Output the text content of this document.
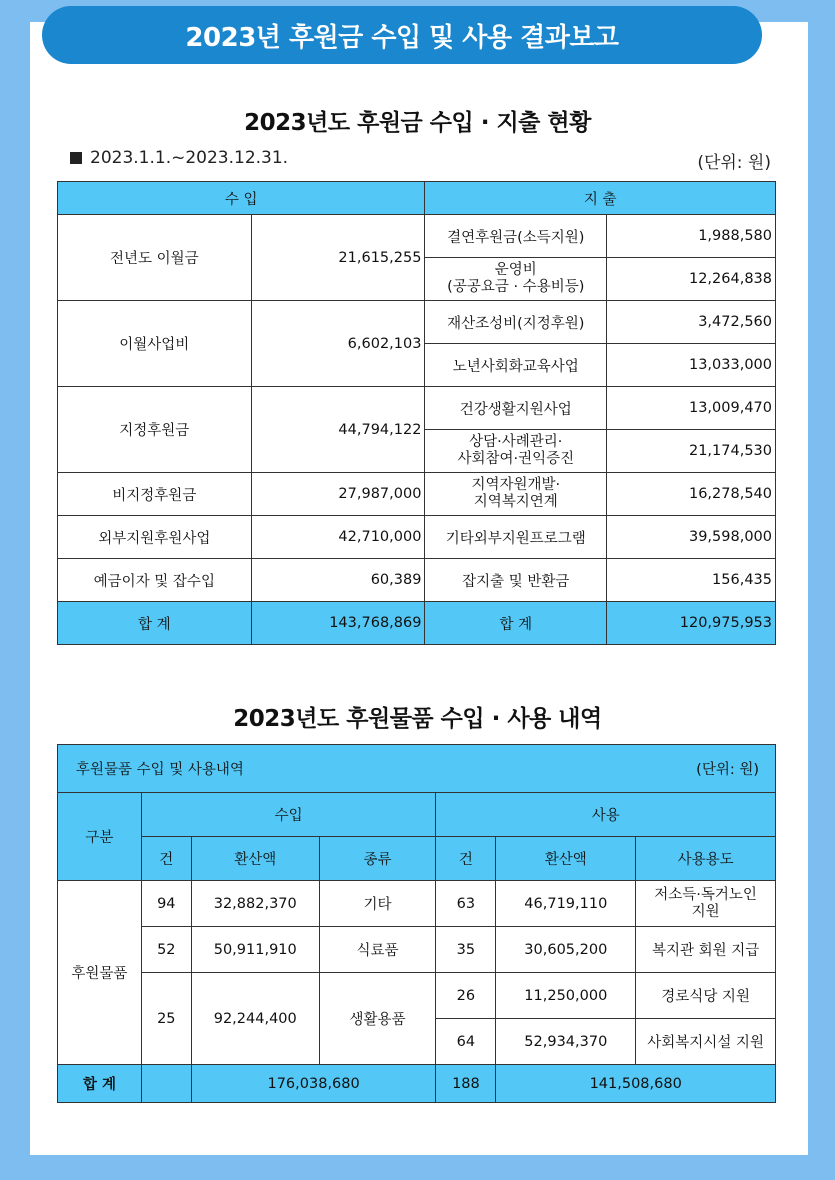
2023년 후원금 수입 및 사용 결과보고
2023년도 후원금 수입 · 지출 현황
2023.1.1.~2023.12.31.	(단위: 원)
수 입		지 출	
전년도 이월금	21,615,255	결연후원금(소득지원)	1,988,580
		운영비
(공공요금 · 수용비등)	12,264,838
이월사업비	6,602,103	재산조성비(지정후원)	3,472,560
		노년사회화교육사업	13,033,000
지정후원금	44,794,122	건강생활지원사업	13,009,470
		상담·사례관리·
사회참여·권익증진	21,174,530
비지정후원금	27,987,000	지역자원개발·
지역복지연계	16,278,540
외부지원후원사업	42,710,000	기타외부지원프로그램	39,598,000
예금이자 및 잡수입	60,389	잡지출 및 반환금	156,435
합 계	143,768,869	합 계	120,975,953
2023년도 후원물품 수입 · 사용 내역
후원물품 수입 및 사용내역 (단위: 원)						

구분	수입			사용		
	건	환산액	종류	건	환산액	사용용도
후원물품	94	32,882,370	기타	63	46,719,110	저소득·독거노인
지원
	52	50,911,910	식료품	35	30,605,200	복지관 회원 지급
	25	92,244,400	생활용품	26	11,250,000	경로식당 지원
				64	52,934,370	사회복지시설 지원
합 계		176,038,680		188	141,508,680	
